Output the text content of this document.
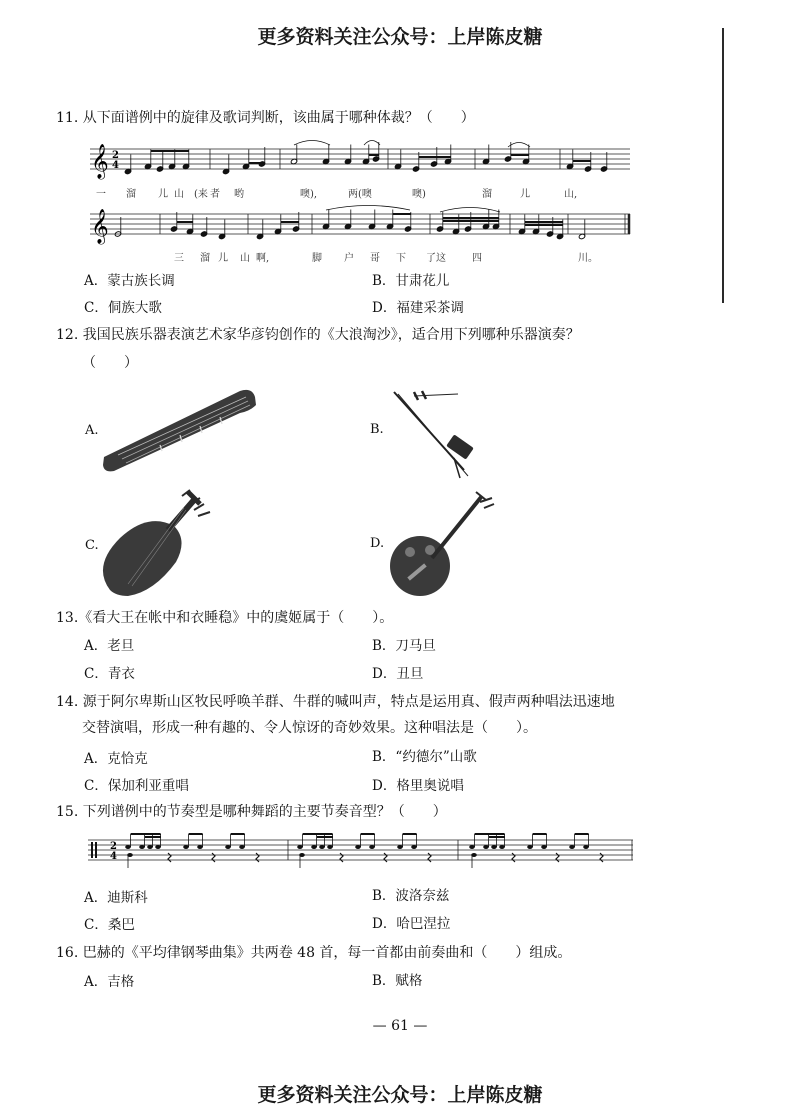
更多资料关注公众号：上岸陈皮糖
11. 从下面谱例中的旋律及歌词判断，该曲属于哪种体裁？（　　）
𝄞 2
4
𝄞
一 溜 儿 山 (来 者 哟	噢),	两 (噢	噢)	溜	儿	山,
三 溜 儿 山 啊,	脚 户 哥 下 了这	四	川。
A．蒙古族长调	B．甘肃花儿
C．侗族大歌	D．福建采茶调
12. 我国民族乐器表演艺术家华彦钧创作的《大浪淘沙》，适合用下列哪种乐器演奏？
（　　）
A.	B.
C.	D.
13.《看大王在帐中和衣睡稳》中的虞姬属于（　　）。
A．老旦	B．刀马旦
C．青衣	D．丑旦
14. 源于阿尔卑斯山区牧民呼唤羊群、牛群的喊叫声，特点是运用真、假声两种唱法迅速地
交替演唱，形成一种有趣的、令人惊讶的奇妙效果。这种唱法是（　　）。
A．克恰克	B．“约德尔”山歌
C．保加利亚重唱	D．格里奥说唱
15. 下列谱例中的节奏型是哪种舞蹈的主要节奏音型？（　　）
2
4
A．迪斯科	B．波洛奈兹
C．桑巴	D．哈巴涅拉
16. 巴赫的《平均律钢琴曲集》共两卷 48 首，每一首都由前奏曲和（　　）组成。
A．吉格	B．赋格
— 61 —
更多资料关注公众号：上岸陈皮糖
